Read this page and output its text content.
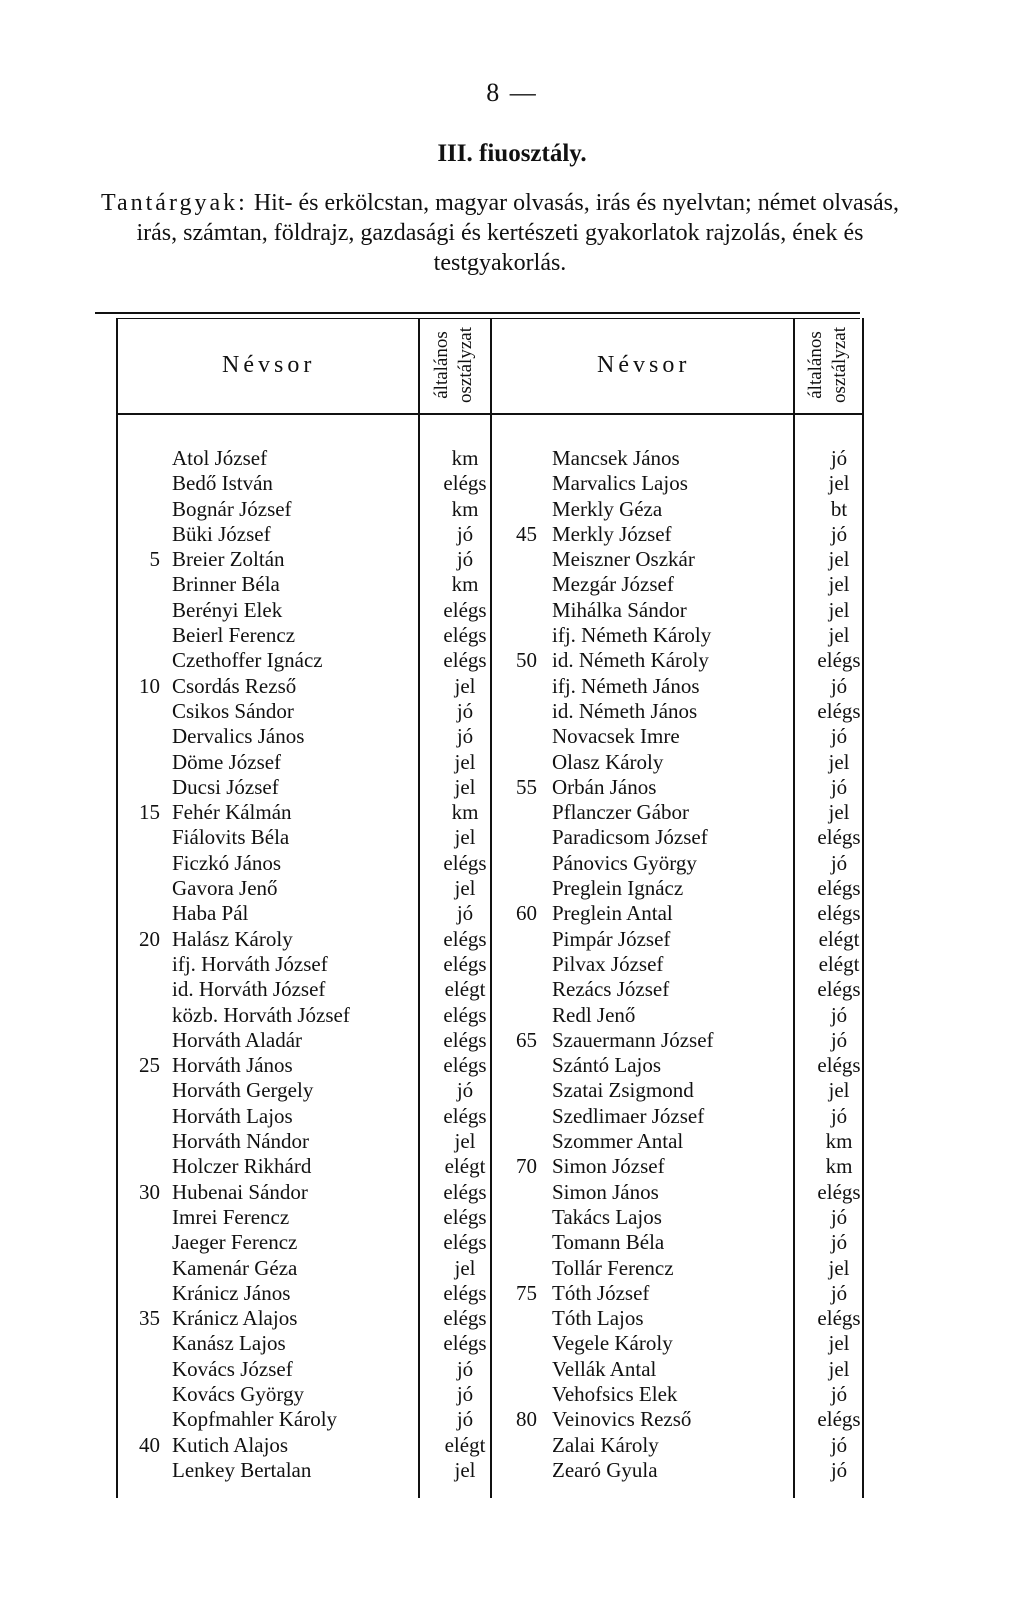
8 —
III. fiuosztály.
Tantárgyak: Hit- és erkölcstan, magyar olvasás, irás és nyelvtan; német olvasás, irás, számtan, földrajz, gazdasági és kertészeti gyakorlatok rajzolás, ének és testgyakorlás.
Névsor	általános osztályzat	Névsor	általános osztályzat
Atol József	km	Mancsek János	jó
Bedő István	elégs	Marvalics Lajos	jel
Bognár József	km	Merkly Géza	bt
Büki József	jó	45 Merkly József	jó
5 Breier Zoltán	jó	Meiszner Oszkár	jel
Brinner Béla	km	Mezgár József	jel
Berényi Elek	elégs	Mihálka Sándor	jel
Beierl Ferencz	elégs	ifj. Németh Károly	jel
Czethoffer Ignácz	elégs	50 id. Németh Károly	elégs
10 Csordás Rezső	jel	ifj. Németh János	jó
Csikos Sándor	jó	id. Németh János	elégs
Dervalics János	jó	Novacsek Imre	jó
Döme József	jel	Olasz Károly	jel
Ducsi József	jel	55 Orbán János	jó
15 Fehér Kálmán	km	Pflanczer Gábor	jel
Fiálovits Béla	jel	Paradicsom József	elégs
Ficzkó János	elégs	Pánovics György	jó
Gavora Jenő	jel	Preglein Ignácz	elégs
Haba Pál	jó	60 Preglein Antal	elégs
20 Halász Károly	elégs	Pimpár József	elégt
ifj. Horváth József	elégs	Pilvax József	elégt
id. Horváth József	elégt	Rezács József	elégs
közb. Horváth József	elégs	Redl Jenő	jó
Horváth Aladár	elégs	65 Szauermann József	jó
25 Horváth János	elégs	Szántó Lajos	elégs
Horváth Gergely	jó	Szatai Zsigmond	jel
Horváth Lajos	elégs	Szedlimaer József	jó
Horváth Nándor	jel	Szommer Antal	km
Holczer Rikhárd	elégt	70 Simon József	km
30 Hubenai Sándor	elégs	Simon János	elégs
Imrei Ferencz	elégs	Takács Lajos	jó
Jaeger Ferencz	elégs	Tomann Béla	jó
Kamenár Géza	jel	Tollár Ferencz	jel
Kránicz János	elégs	75 Tóth József	jó
35 Kránicz Alajos	elégs	Tóth Lajos	elégs
Kanász Lajos	elégs	Vegele Károly	jel
Kovács József	jó	Vellák Antal	jel
Kovács György	jó	Vehofsics Elek	jó
Kopfmahler Károly	jó	80 Veinovics Rezső	elégs
40 Kutich Alajos	elégt	Zalai Károly	jó
Lenkey Bertalan	jel	Zearó Gyula	jó
